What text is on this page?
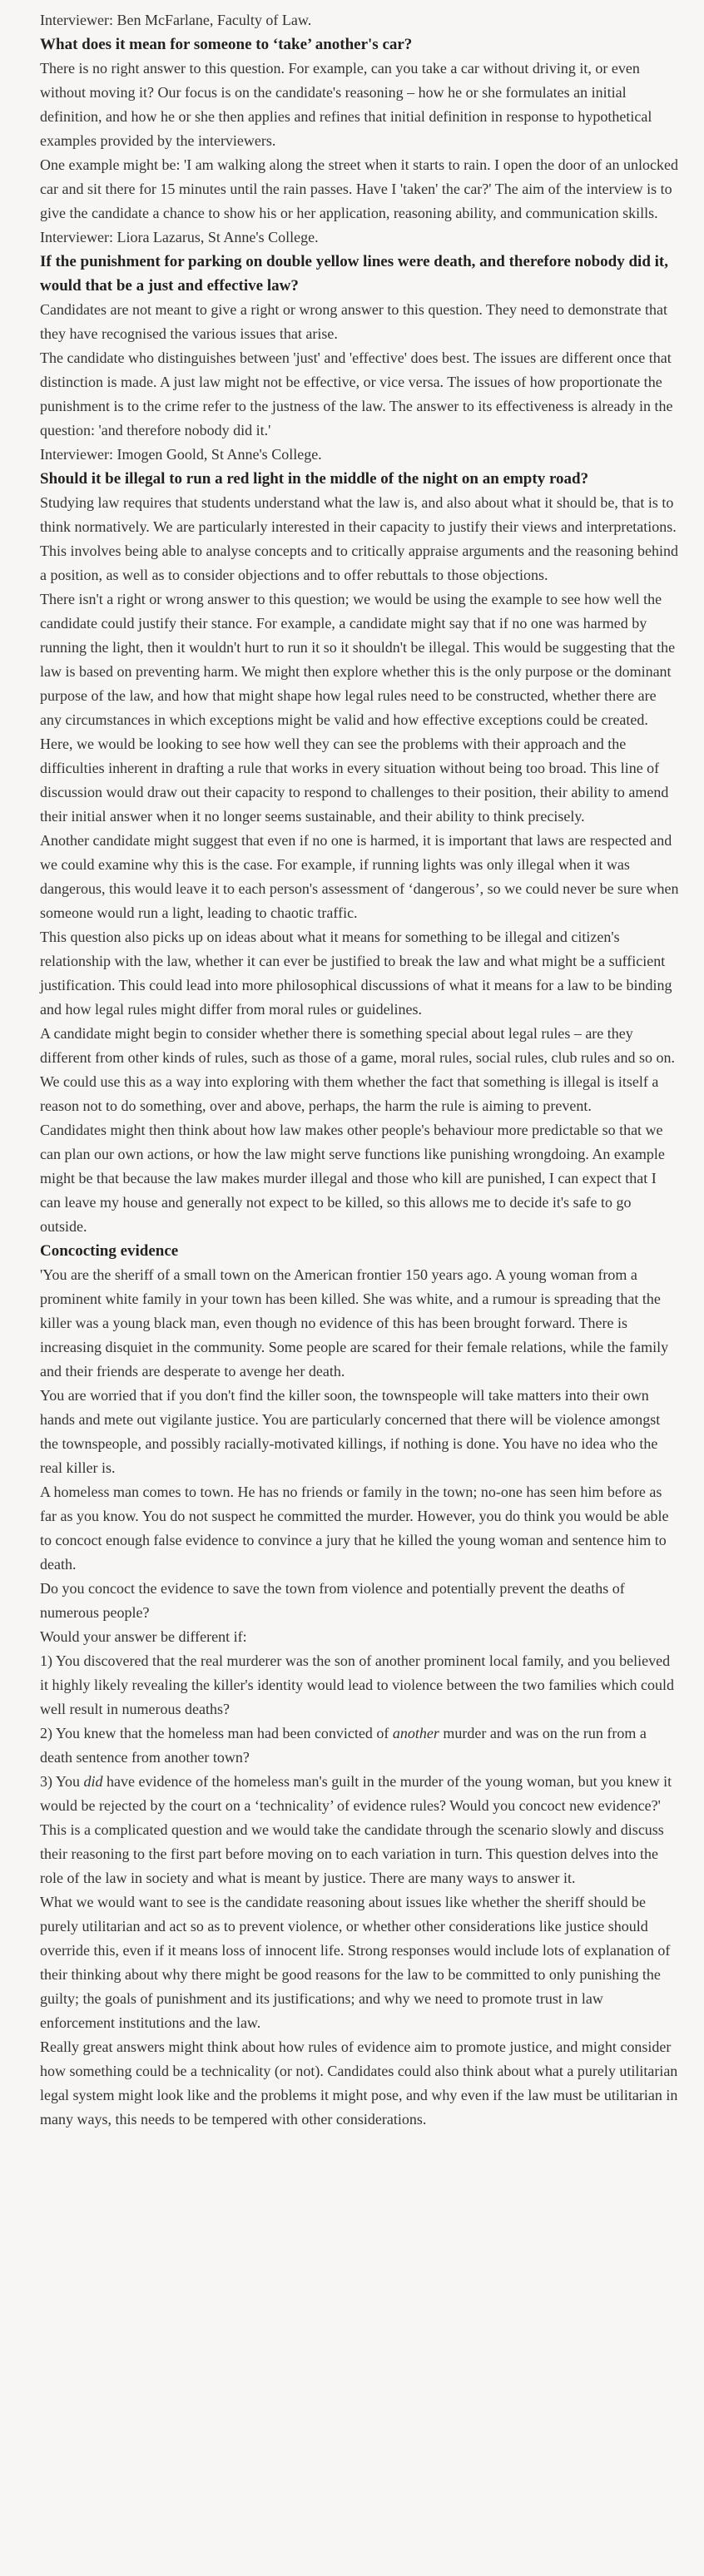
Interviewer: Ben McFarlane, Faculty of Law.

What does it mean for someone to ‘take’ another's car?

There is no right answer to this question. For example, can you take a car without driving it, or even without moving it? Our focus is on the candidate's reasoning – how he or she formulates an initial definition, and how he or she then applies and refines that initial definition in response to hypothetical examples provided by the interviewers.

One example might be: 'I am walking along the street when it starts to rain. I open the door of an unlocked car and sit there for 15 minutes until the rain passes. Have I 'taken' the car?' The aim of the interview is to give the candidate a chance to show his or her application, reasoning ability, and communication skills.

Interviewer: Liora Lazarus, St Anne's College.

If the punishment for parking on double yellow lines were death, and therefore nobody did it, would that be a just and effective law?

Candidates are not meant to give a right or wrong answer to this question. They need to demonstrate that they have recognised the various issues that arise.

The candidate who distinguishes between 'just' and 'effective' does best. The issues are different once that distinction is made. A just law might not be effective, or vice versa. The issues of how proportionate the punishment is to the crime refer to the justness of the law. The answer to its effectiveness is already in the question: 'and therefore nobody did it.'

Interviewer: Imogen Goold, St Anne's College.

Should it be illegal to run a red light in the middle of the night on an empty road?

Studying law requires that students understand what the law is, and also about what it should be, that is to think normatively. We are particularly interested in their capacity to justify their views and interpretations. This involves being able to analyse concepts and to critically appraise arguments and the reasoning behind a position, as well as to consider objections and to offer rebuttals to those objections.

There isn't a right or wrong answer to this question; we would be using the example to see how well the candidate could justify their stance. For example, a candidate might say that if no one was harmed by running the light, then it wouldn't hurt to run it so it shouldn't be illegal. This would be suggesting that the law is based on preventing harm. We might then explore whether this is the only purpose or the dominant purpose of the law, and how that might shape how legal rules need to be constructed, whether there are any circumstances in which exceptions might be valid and how effective exceptions could be created.

Here, we would be looking to see how well they can see the problems with their approach and the difficulties inherent in drafting a rule that works in every situation without being too broad. This line of discussion would draw out their capacity to respond to challenges to their position, their ability to amend their initial answer when it no longer seems sustainable, and their ability to think precisely.

Another candidate might suggest that even if no one is harmed, it is important that laws are respected and we could examine why this is the case. For example, if running lights was only illegal when it was dangerous, this would leave it to each person's assessment of ‘dangerous’, so we could never be sure when someone would run a light, leading to chaotic traffic.

This question also picks up on ideas about what it means for something to be illegal and citizen's relationship with the law, whether it can ever be justified to break the law and what might be a sufficient justification. This could lead into more philosophical discussions of what it means for a law to be binding and how legal rules might differ from moral rules or guidelines.

A candidate might begin to consider whether there is something special about legal rules – are they different from other kinds of rules, such as those of a game, moral rules, social rules, club rules and so on. We could use this as a way into exploring with them whether the fact that something is illegal is itself a reason not to do something, over and above, perhaps, the harm the rule is aiming to prevent.

Candidates might then think about how law makes other people's behaviour more predictable so that we can plan our own actions, or how the law might serve functions like punishing wrongdoing. An example might be that because the law makes murder illegal and those who kill are punished, I can expect that I can leave my house and generally not expect to be killed, so this allows me to decide it's safe to go outside.

Concocting evidence

'You are the sheriff of a small town on the American frontier 150 years ago. A young woman from a prominent white family in your town has been killed. She was white, and a rumour is spreading that the killer was a young black man, even though no evidence of this has been brought forward. There is increasing disquiet in the community. Some people are scared for their female relations, while the family and their friends are desperate to avenge her death.

You are worried that if you don't find the killer soon, the townspeople will take matters into their own hands and mete out vigilante justice. You are particularly concerned that there will be violence amongst the townspeople, and possibly racially-motivated killings, if nothing is done. You have no idea who the real killer is.

A homeless man comes to town. He has no friends or family in the town; no-one has seen him before as far as you know. You do not suspect he committed the murder. However, you do think you would be able to concoct enough false evidence to convince a jury that he killed the young woman and sentence him to death.

Do you concoct the evidence to save the town from violence and potentially prevent the deaths of numerous people?

Would your answer be different if:

1) You discovered that the real murderer was the son of another prominent local family, and you believed it highly likely revealing the killer's identity would lead to violence between the two families which could well result in numerous deaths?

2) You knew that the homeless man had been convicted of another murder and was on the run from a death sentence from another town?

3) You did have evidence of the homeless man's guilt in the murder of the young woman, but you knew it would be rejected by the court on a ‘technicality’ of evidence rules? Would you concoct new evidence?'

This is a complicated question and we would take the candidate through the scenario slowly and discuss their reasoning to the first part before moving on to each variation in turn. This question delves into the role of the law in society and what is meant by justice. There are many ways to answer it.

What we would want to see is the candidate reasoning about issues like whether the sheriff should be purely utilitarian and act so as to prevent violence, or whether other considerations like justice should override this, even if it means loss of innocent life. Strong responses would include lots of explanation of their thinking about why there might be good reasons for the law to be committed to only punishing the guilty; the goals of punishment and its justifications; and why we need to promote trust in law enforcement institutions and the law.

Really great answers might think about how rules of evidence aim to promote justice, and might consider how something could be a technicality (or not). Candidates could also think about what a purely utilitarian legal system might look like and the problems it might pose, and why even if the law must be utilitarian in many ways, this needs to be tempered with other considerations.
